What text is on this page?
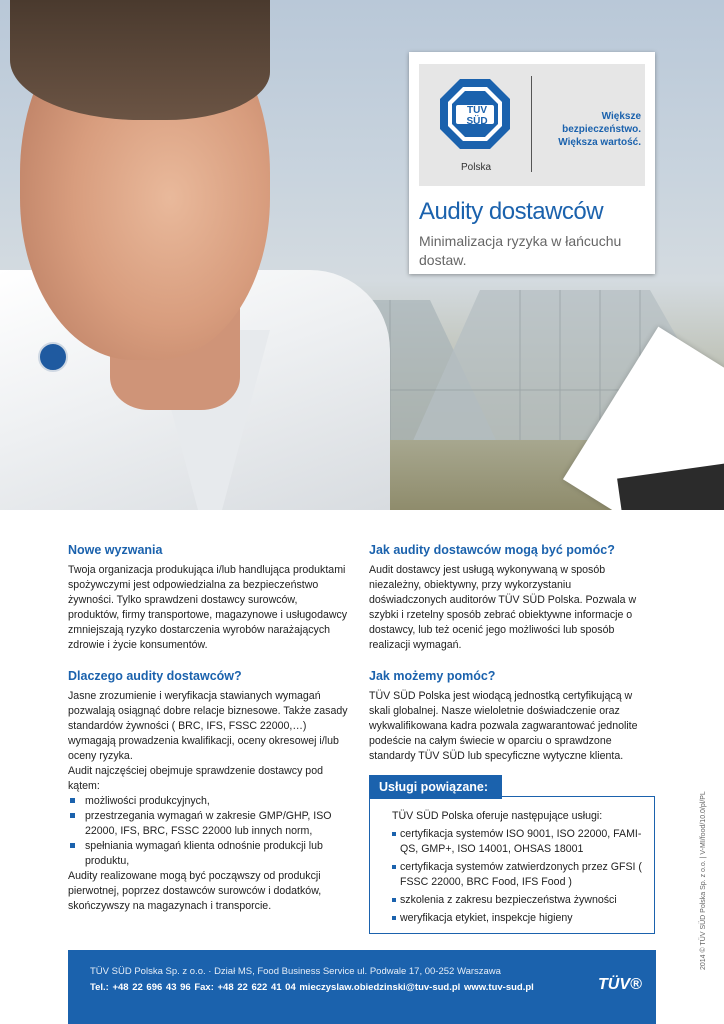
TÜV SÜD
Polska
Większe bezpieczeństwo.
Większa wartość.
Audity dostawców
Minimalizacja ryzyka w łańcuchu dostaw.
Nowe wyzwania

Twoja organizacja produkująca i/lub handlująca produktami spożywczymi jest odpowiedzialna za bezpieczeństwo żywności. Tylko sprawdzeni dostawcy surowców, produktów, firmy transportowe, magazynowe i usługodawcy zmniejszają ryzyko dostarczenia wyrobów narażających zdrowie i życie konsumentów.

Dlaczego audity dostawców?

Jasne zrozumienie i weryfikacja stawianych wymagań pozwalają osiągnąć dobre relacje biznesowe. Także zasady standardów żywności ( BRC, IFS, FSSC 22000,…) wymagają prowadzenia kwalifikacji, oceny okresowej i/lub oceny ryzyka.

Audit najczęściej obejmuje sprawdzenie dostawcy pod kątem:

możliwości produkcyjnych,
przestrzegania wymagań w zakresie GMP/GHP, ISO 22000, IFS, BRC, FSSC 22000 lub innych norm,
spełniania wymagań klienta odnośnie produkcji lub produktu,

Audity realizowane mogą być począwszy od produkcji pierwotnej, poprzez dostawców surowców i dodatków, skończywszy na magazynach i transporcie.

Jak audity dostawców mogą być pomóc?

Audit dostawcy jest usługą wykonywaną w sposób niezależny, obiektywny, przy wykorzystaniu doświadczonych auditorów TÜV SÜD Polska. Pozwala w szybki i rzetelny sposób zebrać obiektywne informacje o dostawcy, lub też ocenić jego możliwości lub sposób realizacji wymagań.

Jak możemy pomóc?

TÜV SÜD Polska jest wiodącą jednostką certyfikującą w skali globalnej. Nasze wieloletnie doświadczenie oraz wykwalifikowana kadra pozwala zagwarantować jednolite podeście na całym świecie w oparciu o sprawdzone standardy TÜV SÜD lub specyficzne wytyczne klienta.

TÜV SÜD Polska oferuje następujące usługi:

certyfikacja systemów ISO 9001, ISO 22000, FAMI-QS, GMP+, ISO 14001, OHSAS 18001
certyfikacja systemów zatwierdzonych przez GFSI ( FSSC 22000, BRC Food, IFS Food )
szkolenia z zakresu bezpieczeństwa żywności
weryfikacja etykiet, inspekcje higieny
Usługi powiązane:
TÜV SÜD Polska Sp. z o.o. · Dział MS, Food Business Service ul. Podwale 17, 00-252 Warszawa
Tel.: +48 22 696 43 96 Fax: +48 22 622 41 04 mieczyslaw.obiedzinski@tuv-sud.pl www.tuv-sud.pl	TÜV®
2014 © TÜV SÜD Polska Sp. z o.o. | V-MI/food/10.0/pl/PL
